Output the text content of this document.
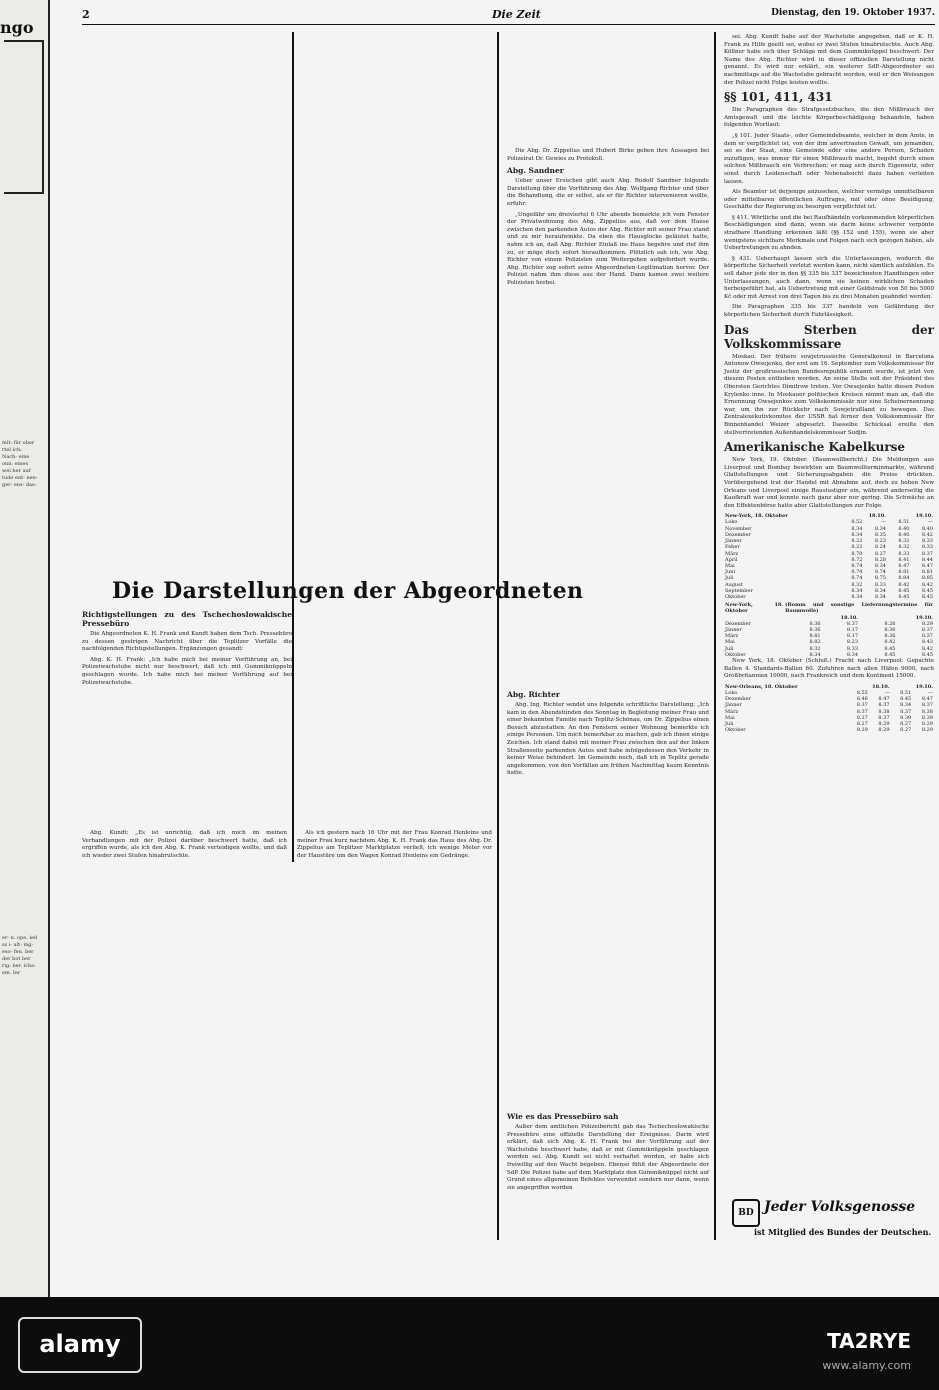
ngo
mit: für ober rtel ich: Nach- eine onn: eines wei ber auf tude ent- nen- ger- ens- das:
er- n. ope. ied ss i- alt- ing- eso- fen. ber der bot ber rig: ber. ichs: em. Ier
2	Die Zeit	Dienstag, den 19. Oktober 1937.
Die Darstellungen der Abgeordneten

Richtigstellungen zu des Tschechoslowakische Pressebüro

Die Abgeordneten K. H. Frank und Kundt haben dem Tsch. Pressebüro zu dessen gestrigen Nachricht über die Teplitzer Vorfälle die nachfolgenden Richtigstellungen. Ergänzungen gesandt:

Abg. K. H. Frank: „Ich habe mich bei meiner Vorführung an, bei Polizeiwachstube nicht nur beschwert, daß ich mit Gummiknüppeln geschlagen wurde. Ich habe mich bei meiner Vorführung auf bei Polizeiwachstube.

Abg. Kundt: „Es ist unrichtig, daß ich mich im meinen Verhandlungen mit der Polizei darüber beschwert hatte, daß ich ergriffen wurde, als ich den Abg. K. Frank verteidigen wollte, und daß ich wieder zwei Stufen hinabrutschte.

Als ich gestern nach 16 Uhr mit der Frau Konrad Henleins und meiner Frau kurz nachdem Abg. K. H. Frank das Haus des Abg. Dr. Zippelius am Teplitzer Marktplatze verließ, ich wenige Meter vor der Haustüre um den Wagen Konrad Henleins ein Gedränge.

Die Abg. Dr. Zippelius und Hubert Birke geben ihre Aussagen bei Polizeirat Dr. Gewies zu Protokoll.

Abg. Sandner

Ueber unser Ersuchen gibt auch Abg. Rudolf Sandner folgende Darstellung über die Vorführung des Abg. Wolfgang Richter und über die Behandlung, die er selbst, als er für Richter intervenieren wollte, erfuhr:

„Ungefähr um dreiviertel 6 Uhr abends bemerkte ich vom Fenster der Privatwohnung des Abg. Zippelius aus, daß vor dem Hause zwischen den parkenden Autos der Abg. Richter mit seiner Frau stand und zu mir heraufwinkte. Da eben die Hausglocke geläutet hatte, nahm ich an, daß Abg. Richter Einlaß ins Haus begehre und rief ihm zu, er möge doch sofort heraufkommen. Plötzlich sah ich, wie Abg. Richter von einem Polizisten zum Weitergehen aufgefordert wurde. Abg. Richter zog sofort seine Abgeordneten-Legitimation hervor. Der Polizist nahm ihm diese aus der Hand. Dann kamen zwei weitere Polizisten herbei.

Abg. Richter

Abg. Ing. Richter sendet uns folgende schriftliche Darstellung: „Ich kam in den Abendstunden des Sonntag in Begleitung meiner Frau und einer bekannten Familie nach Teplitz-Schönau, um Dr. Zippelius einen Besuch abzustatten. An den Fenstern seiner Wohnung bemerkte ich einige Personen. Um mich bemerkbar zu machen, gab ich ihnen einige Zeichen. Ich stand dabei mit meiner Frau zwischen den auf der linken Straßenseite parkenden Autos und habe infolgedessen den Verkehr in keiner Weise behindert. Im Gemeinde noch, daß ich in Teplitz gerade angekommen, von den Vorfällen am frühen Nachmittag kaum Kenntnis hatte.

Wie es das Pressebüro sah

Außer dem amtlichen Polizeibericht gab das Tschechoslowakische Pressebüro eine offizielle Darstellung der Ereignisse. Darin wird erklärt, daß sich Abg. K. H. Frank bei der Vorführung auf der Wachstube beschwert habe, daß er mit Gummiknüppeln geschlagen worden sei. Abg. Kundt sei nicht verhaftet worden, er habe sich freiwillig auf den Wacht begeben. Ebenso fühlt der Abgeordnete der SdP. Die Polizei habe auf dem Marktplatz den Gummiknüppel nicht auf Grund eines allgemeinen Befehles verwendet sondern nur dann, wenn sie angegriffen worden

sei. Abg. Kundt habe auf der Wachstube angegeben, daß er K. H. Frank zu Hilfe geeilt sei, wobei er zwei Stufen hinabrutschte. Auch Abg. Köllner habe sich über Schläge mit dem Gummiknüppel beschwert. Der Name des Abg. Richter wird in dieser offiziellen Darstellung nicht genannt. Es wird nur erklärt, ein weiterer SdP.-Abgeordneter sei nachmittags auf die Wachstube gebracht worden, weil er den Weisungen der Polizei nicht Folge leisten wollte.

§§ 101, 411, 431

Die Paragraphen des Strafgesetzbuches, die den Mißbrauch der Amtsgewalt und die leichte Körperbeschädigung behandeln, haben folgenden Wortlaut:

„§ 101. Jeder Staats-, oder Gemeindebeamte, welcher in dem Amte, in dem er verpflichtet ist, von der ihm anvertrauten Gewalt, um jemanden, sei es der Staat, eine Gemeinde oder eine andere Person, Schaden zuzufügen, was immer für einen Mißbrauch macht, begeht durch einen solchen Mißbrauch ein Verbrechen; er mag sich durch Eigennutz, oder sonst durch Leidenschaft oder Nebenabsicht dazu haben verleiten lassen.

Als Beamter ist derjenige anzusehen, welcher vermöge unmittelbaren oder mittelbaren öffentlichen Auftrages, mit oder ohne Beeidigung, Geschäfte der Regierung zu besorgen verpflichtet ist.

§ 411. Wörtliche und die bei Raufhändeln vorkommenden körperlichen Beschädigungen sind dann, wenn sie darin keine schwerer verpönte strafbare Handlung erkennen läßt (§§ 152 und 155), wenn sie aber wenigstens sichtbare Merkmale und Folgen nach sich gezogen haben, als Uebertretungen zu ahnden.

§ 431. Ueberhaupt lassen sich die Unterlassungen, wodurch die körperliche Sicherheit verletzt werden kann, nicht sämtlich aufzählen. Es soll daher jede der in den §§ 335 bis 337 bezeichneten Handlungen oder Unterlassungen, auch dann, wenn sie keinen wirklichen Schaden herbeigeführt hat, als Uebertretung mit einer Geldstrafe von 50 bis 5000 Kč oder mit Arrest von drei Tagen bis zu drei Monaten geahndet werden.

Die Paragraphen 335 bis 337 handeln von Gefährdung der körperlichen Sicherheit durch Fahrlässigkeit.

Das Sterben der Volkskommissare

Moskau. Der frühere sowjetrussische Generalkonsul in Barcelona Antonow Owsejenko, der erst am 16. September zum Volkskommissar für Justiz der großrussischen Bundesrepublik ernannt wurde, ist jetzt von diesem Posten enthoben worden. An seine Stelle soll der Präsident des Obersten Gerichtes Dimitrow treten. Vor Owsejenko hatte diesen Posten Krylenko inne. In Moskauer politischen Kreisen nimmt man an, daß die Ernennung Owsejenkos zum Volkskommissär nur eine Scheinernennung war, um ihn zur Rückkehr nach Sowjetrußland zu bewegen. Das Zentralexekutivkomitee der USSR hat ferner den Volkskommissär für Binnenhandel Weizer abgesetzt. Dasselbe Schicksal ereilte den stellvertretenden Außenhandelskommissar Sudjin.

Amerikanische Kabelkurse

New York, 19. Oktober. (Baumwollbericht.) Die Meldungen aus Liverpool und Bombay bewirkten am Baumwollterminmarkte, während Glattstellungen und Sicherungsabgaben die Preise drückten. Vorübergehend trat der Handel mit Abnahme auf, doch zu hohen New Orleans und Liverpool einige Rauslustiger ein, während anderseitig die Kaufkraft war und konnte nach ganz aber nur gering. Die Schwäche an den Effektenbörse hatte aber Glattstellungen zur Folge.

New-York, 18. Oktober	18.10.		19.10.	
Loko	8.52	—	8.51	—
November	8.34	8.34	8.40	8.40
Dezember	8.34	8.35	8.40	8.42
Jänner	8.22	8.23	8.32	8.33
Feber	8.22	8.24	8.32	8.33
März	8.70	8.27	8.33	8.37
April	8.72	8.28	8.41	8.44
Mai	8.74	8.34	8.47	8.47
Juni	8.74	8.74	8.81	8.81
Juli	8.74	8.75	8.84	8.85
August	8.32	8.33	8.42	8.42
September	8.34	8.34	8.45	8.45
Oktober	8.34	8.34	8.45	8.45
New-York, 18. Oktober	(Bomm und sonstige Liefernungstermine für Baumwolle)			
	18.10.		19.10.	
Dezember	8.36	8.37	8.26	8.29
Jänner	8.36	8.17	8.36	8.37
März	8.81	8.17	8.36	8.37
Mai	8.82	8.23	8.42	8.43
Juli	8.32	8.33	8.45	8.42
Oktober	8.34	8.34	8.45	8.45

New York, 18. Oktober (Schluß.) Fracht nach Liverpool: Gepachte Ballen 4. Standards-Ballen 60. Zufuhren nach allen Häfen 9000, nach Großbritannien 10000, nach Frankreich und dem Kontinent 15000.

New-Orleans, 18. Oktober	18.10.		19.10.	
Loko	8.55	—	8.51	—
Dezember	8.46	8.47	8.45	8.47
Jänner	8.37	8.37	8.34	8.37
März	8.37	8.38	8.37	8.38
Mai	8.27	8.37	8.39	8.39
Juli	8.27	8.29	8.27	8.29
Oktober	8.29	8.29	8.27	8.29
BD Jeder Volksgenosse
ist Mitglied des Bundes der Deutschen.
alamy	TA2RYE
www.alamy.com
